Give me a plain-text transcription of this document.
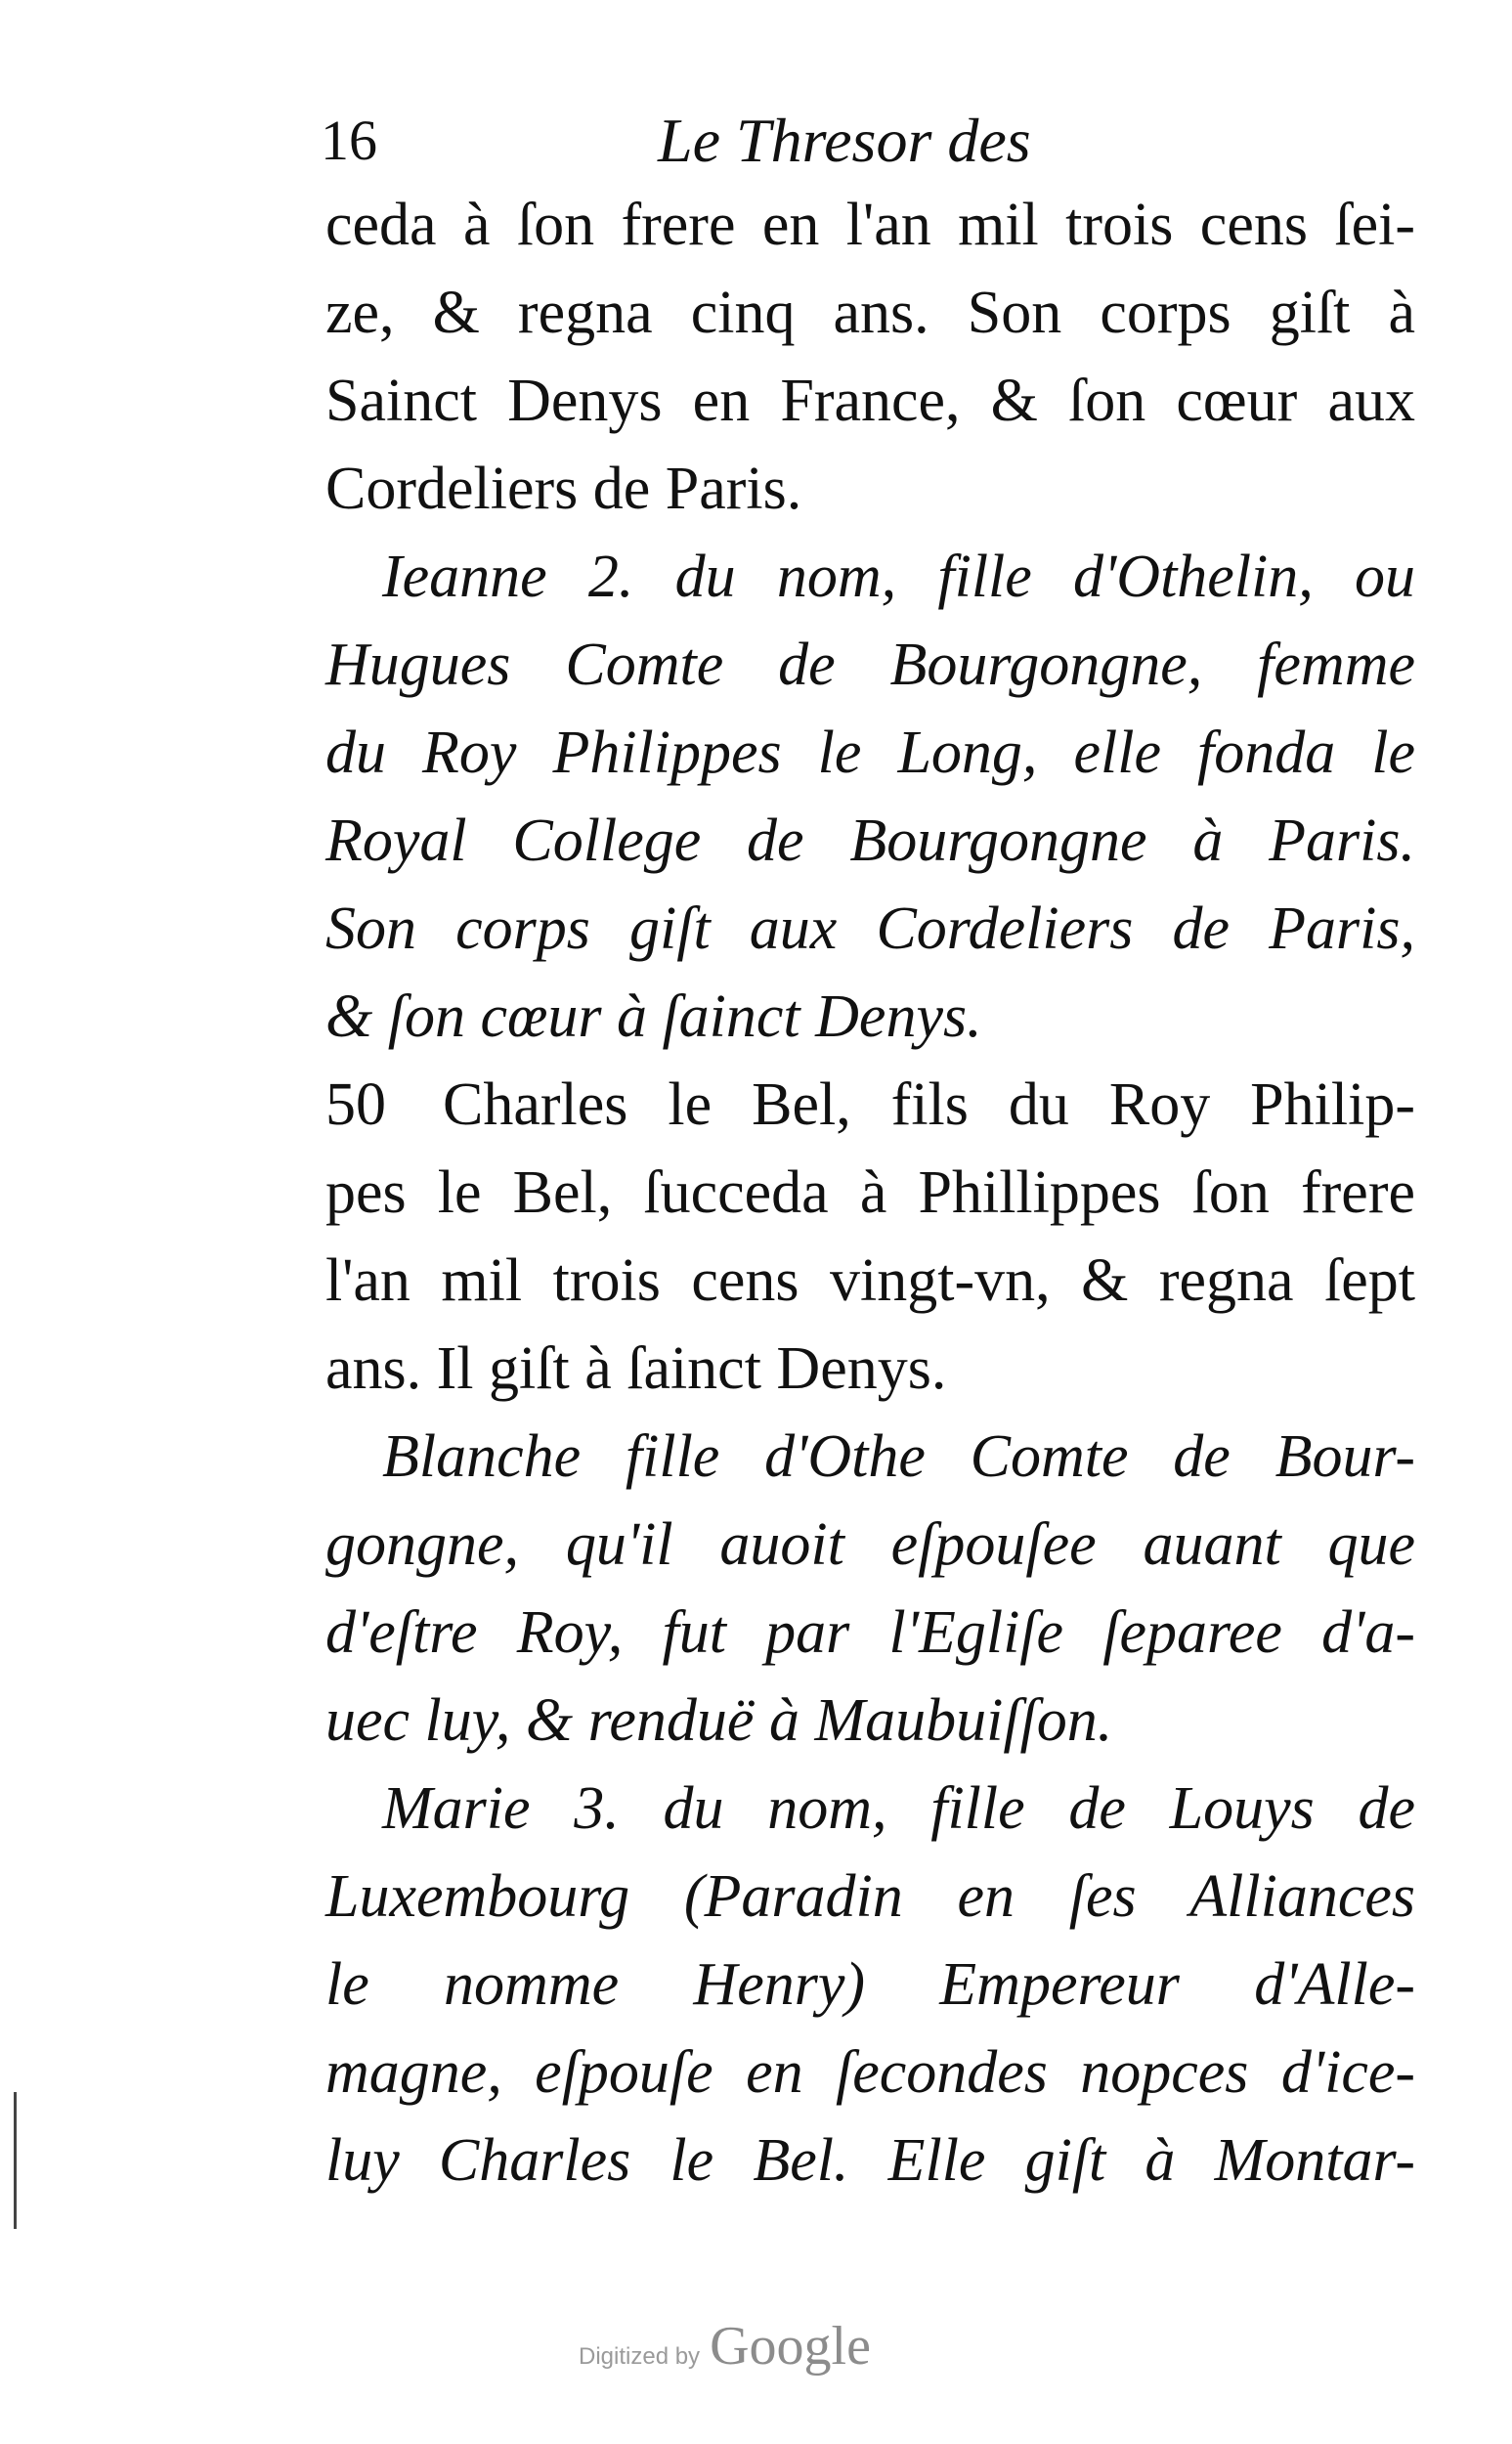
16	Le Thresor des
ceda à ſon frere en l'an mil trois cens ſei-
ze, & regna cinq ans. Son corps giſt à
Sainct Denys en France, & ſon cœur aux
Cordeliers de Paris.
Ieanne 2. du nom, fille d'Othelin, ou
Hugues Comte de Bourgongne, femme
du Roy Philippes le Long, elle fonda le
Royal College de Bourgongne à Paris.
Son corps giſt aux Cordeliers de Paris,
& ſon cœur à ſainct Denys.
50 Charles le Bel, fils du Roy Philip-
pes le Bel, ſucceda à Phillippes ſon frere
l'an mil trois cens vingt-vn, & regna ſept
ans. Il giſt à ſainct Denys.
Blanche fille d'Othe Comte de Bour-
gongne, qu'il auoit eſpouſee auant que
d'eſtre Roy, fut par l'Egliſe ſeparee d'a-
uec luy, & renduë à Maubuiſſon.
Marie 3. du nom, fille de Louys de
Luxembourg (Paradin en ſes Alliances
le nomme Henry) Empereur d'Alle-
magne, eſpouſe en ſecondes nopces d'ice-
luy Charles le Bel. Elle giſt à Montar-
Digitized by Google
